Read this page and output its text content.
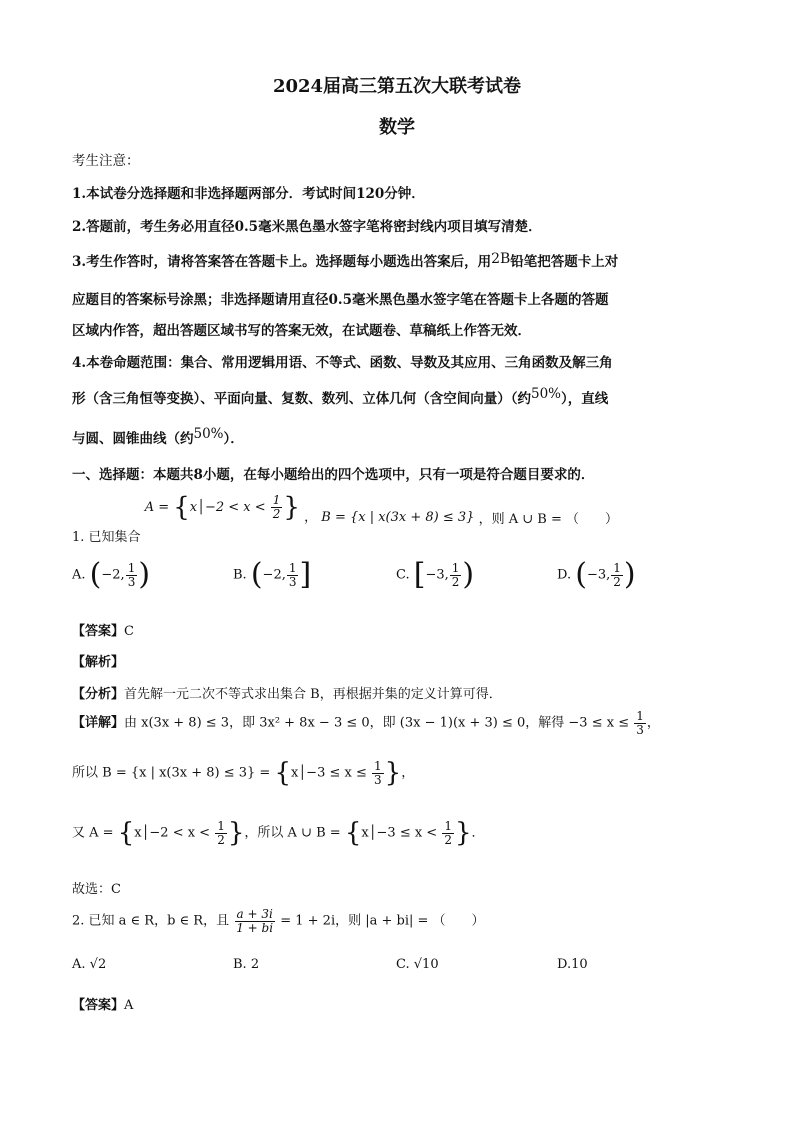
2024届高三第五次大联考试卷
数学
考生注意：
1.本试卷分选择题和非选择题两部分．考试时间120分钟．
2.答题前，考生务必用直径0.5毫米黑色墨水签字笔将密封线内项目填写清楚．
3.考生作答时，请将答案答在答题卡上。选择题每小题选出答案后，用2B铅笔把答题卡上对
应题目的答案标号涂黑；非选择题请用直径0.5毫米黑色墨水签字笔在答题卡上各题的答题
区域内作答，超出答题区域书写的答案无效，在试题卷、草稿纸上作答无效．
4.本卷命题范围：集合、常用逻辑用语、不等式、函数、导数及其应用、三角函数及解三角
形（含三角恒等变换）、平面向量、复数、数列、立体几何（含空间向量）（约50%），直线
与圆、圆锥曲线（约50%）．
一、选择题：本题共8小题，在每小题给出的四个选项中，只有一项是符合题目要求的．
1. 已知集合 A = {x│−2 < $x < \frac{1}{2}$ } ， B = {x | x(3x + 8) ≤ 3} ，则 A ∪ B = （　　）
A. (−2, $\frac{1}{3}$ )	B. (−2, $\frac{1}{3}$ ]	C. [−3, $\frac{1}{2}$ )	D. (−3, $\frac{1}{2}$ )
【答案】C
【解析】
【分析】首先解一元二次不等式求出集合 B，再根据并集的定义计算可得．
【详解】由 x(3x + 8) ≤ 3，即 3x² + 8x − 3 ≤ 0，即 (3x − 1)(x + 3) ≤ 0，解得 $-3 \le x \le \frac{1}{3}$ ，
所以 B = {x | x(3x + 8) ≤ 3} = {x│−3 ≤ $x \le \frac{1}{3}$ }，
又 A = {x│−2 < $x < \frac{1}{2}$ }，所以 A ∪ B = {x│−3 ≤ $x < \frac{1}{2}$ }．
故选：C
2. 已知 a ∈ R，b ∈ R，且 $\frac{a + 3i}{1 + bi} = 1 + 2i$，则 |a + bi| = （　　）
A. √2	B. 2	C. √10	D.10
【答案】A
